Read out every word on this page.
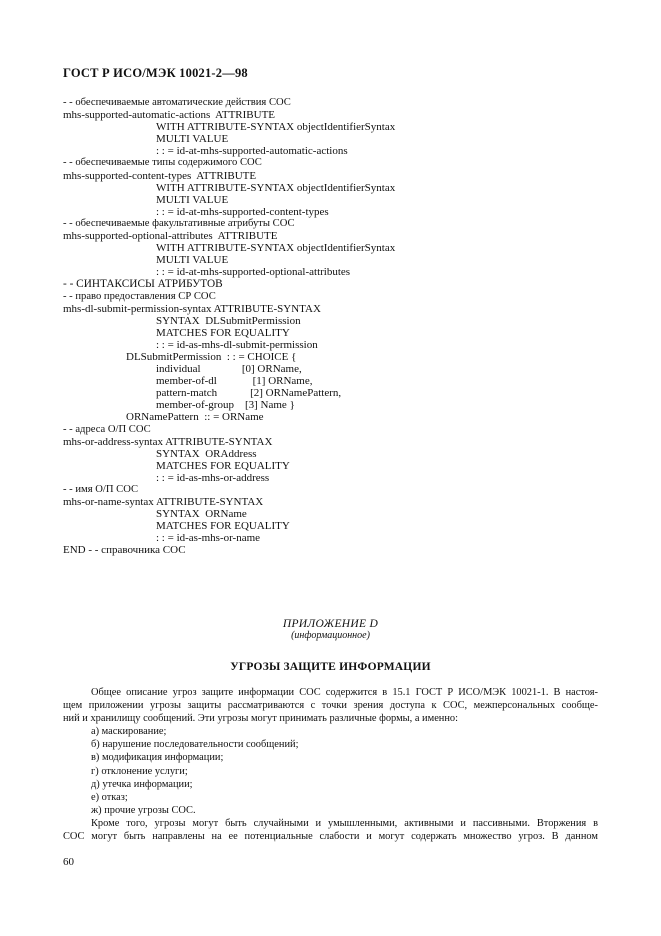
ГОСТ Р ИСО/МЭК 10021-2—98
- - обеспечиваемые автоматические действия СОС
mhs-supported-automatic-actions  ATTRIBUTE
WITH ATTRIBUTE-SYNTAX objectIdentifierSyntax
MULTI VALUE
: : = id-at-mhs-supported-automatic-actions
- - обеспечиваемые типы содержимого СОС
mhs-supported-content-types  ATTRIBUTE
WITH ATTRIBUTE-SYNTAX objectIdentifierSyntax
MULTI VALUE
: : = id-at-mhs-supported-content-types
- - обеспечиваемые факультативные атрибуты СОС
mhs-supported-optional-attributes  ATTRIBUTE
WITH ATTRIBUTE-SYNTAX objectIdentifierSyntax
MULTI VALUE
: : = id-at-mhs-supported-optional-attributes
- - СИНТАКСИСЫ АТРИБУТОВ
- - право предоставления СР СОС
mhs-dl-submit-permission-syntax ATTRIBUTE-SYNTAX
SYNTAX  DLSubmitPermission
MATCHES FOR EQUALITY
: : = id-as-mhs-dl-submit-permission
DLSubmitPermission  : : = CHOICE {
individual               [0] ORName,
member-of-dl             [1] ORName,
pattern-match            [2] ORNamePattern,
member-of-group    [3] Name }
ORNamePattern  :: = ORName
- - адреса О/П СОС
mhs-or-address-syntax ATTRIBUTE-SYNTAX
SYNTAX  ORAddress
MATCHES FOR EQUALITY
: : = id-as-mhs-or-address
- - имя О/П СОС
mhs-or-name-syntax ATTRIBUTE-SYNTAX
SYNTAX  ORName
MATCHES FOR EQUALITY
: : = id-as-mhs-or-name
END - - справочника СОС
ПРИЛОЖЕНИЕ D
(информационное)
УГРОЗЫ ЗАЩИТЕ ИНФОРМАЦИИ
Общее описание угроз защите информации СОС содержится в 15.1 ГОСТ Р ИСО/МЭК 10021-1. В настоя-
щем приложении угрозы защиты рассматриваются с точки зрения доступа к СОС, межперсональных сообще-
ний и хранилищу сообщений. Эти угрозы могут принимать различные формы, а именно:
а) маскирование;
б) нарушение последовательности сообщений;
в) модификация информации;
г) отклонение услуги;
д) утечка информации;
е) отказ;
ж) прочие угрозы СОС.
Кроме того, угрозы могут быть случайными и умышленными, активными и пассивными. Вторжения в
СОС могут быть направлены на ее потенциальные слабости и могут содержать множество угроз. В данном
60
